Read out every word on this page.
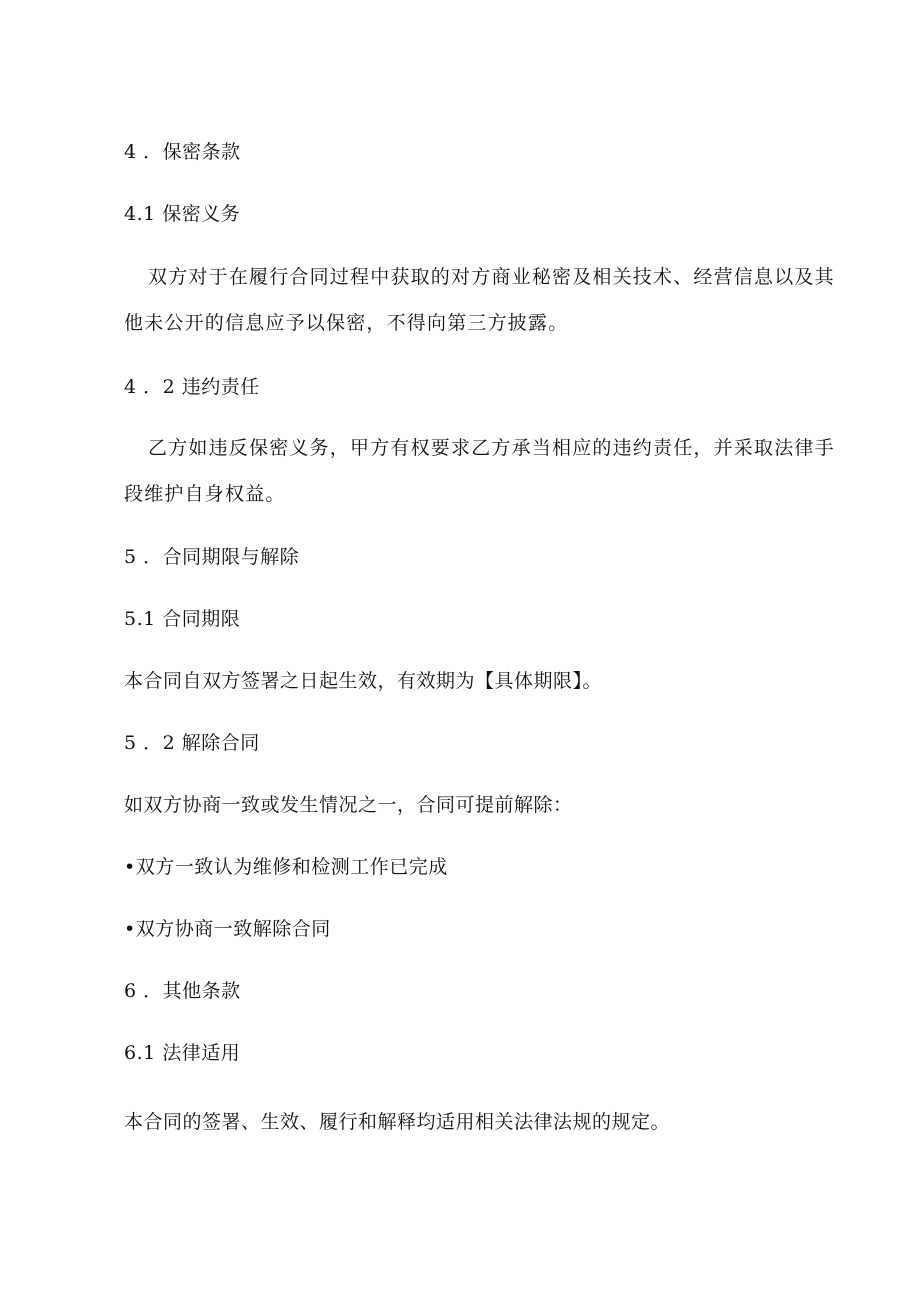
4 ．保密条款
4.1 保密义务
双方对于在履行合同过程中获取的对方商业秘密及相关技术、经营信息以及其
他未公开的信息应予以保密，不得向第三方披露。
4 ．2 违约责任
乙方如违反保密义务，甲方有权要求乙方承当相应的违约责任，并采取法律手
段维护自身权益。
5 ．合同期限与解除
5.1 合同期限
本合同自双方签署之日起生效，有效期为【具体期限】。
5 ．2 解除合同
如双方协商一致或发生情况之一，合同可提前解除：
•双方一致认为维修和检测工作已完成
•双方协商一致解除合同
6 ．其他条款
6.1 法律适用
本合同的签署、生效、履行和解释均适用相关法律法规的规定。
